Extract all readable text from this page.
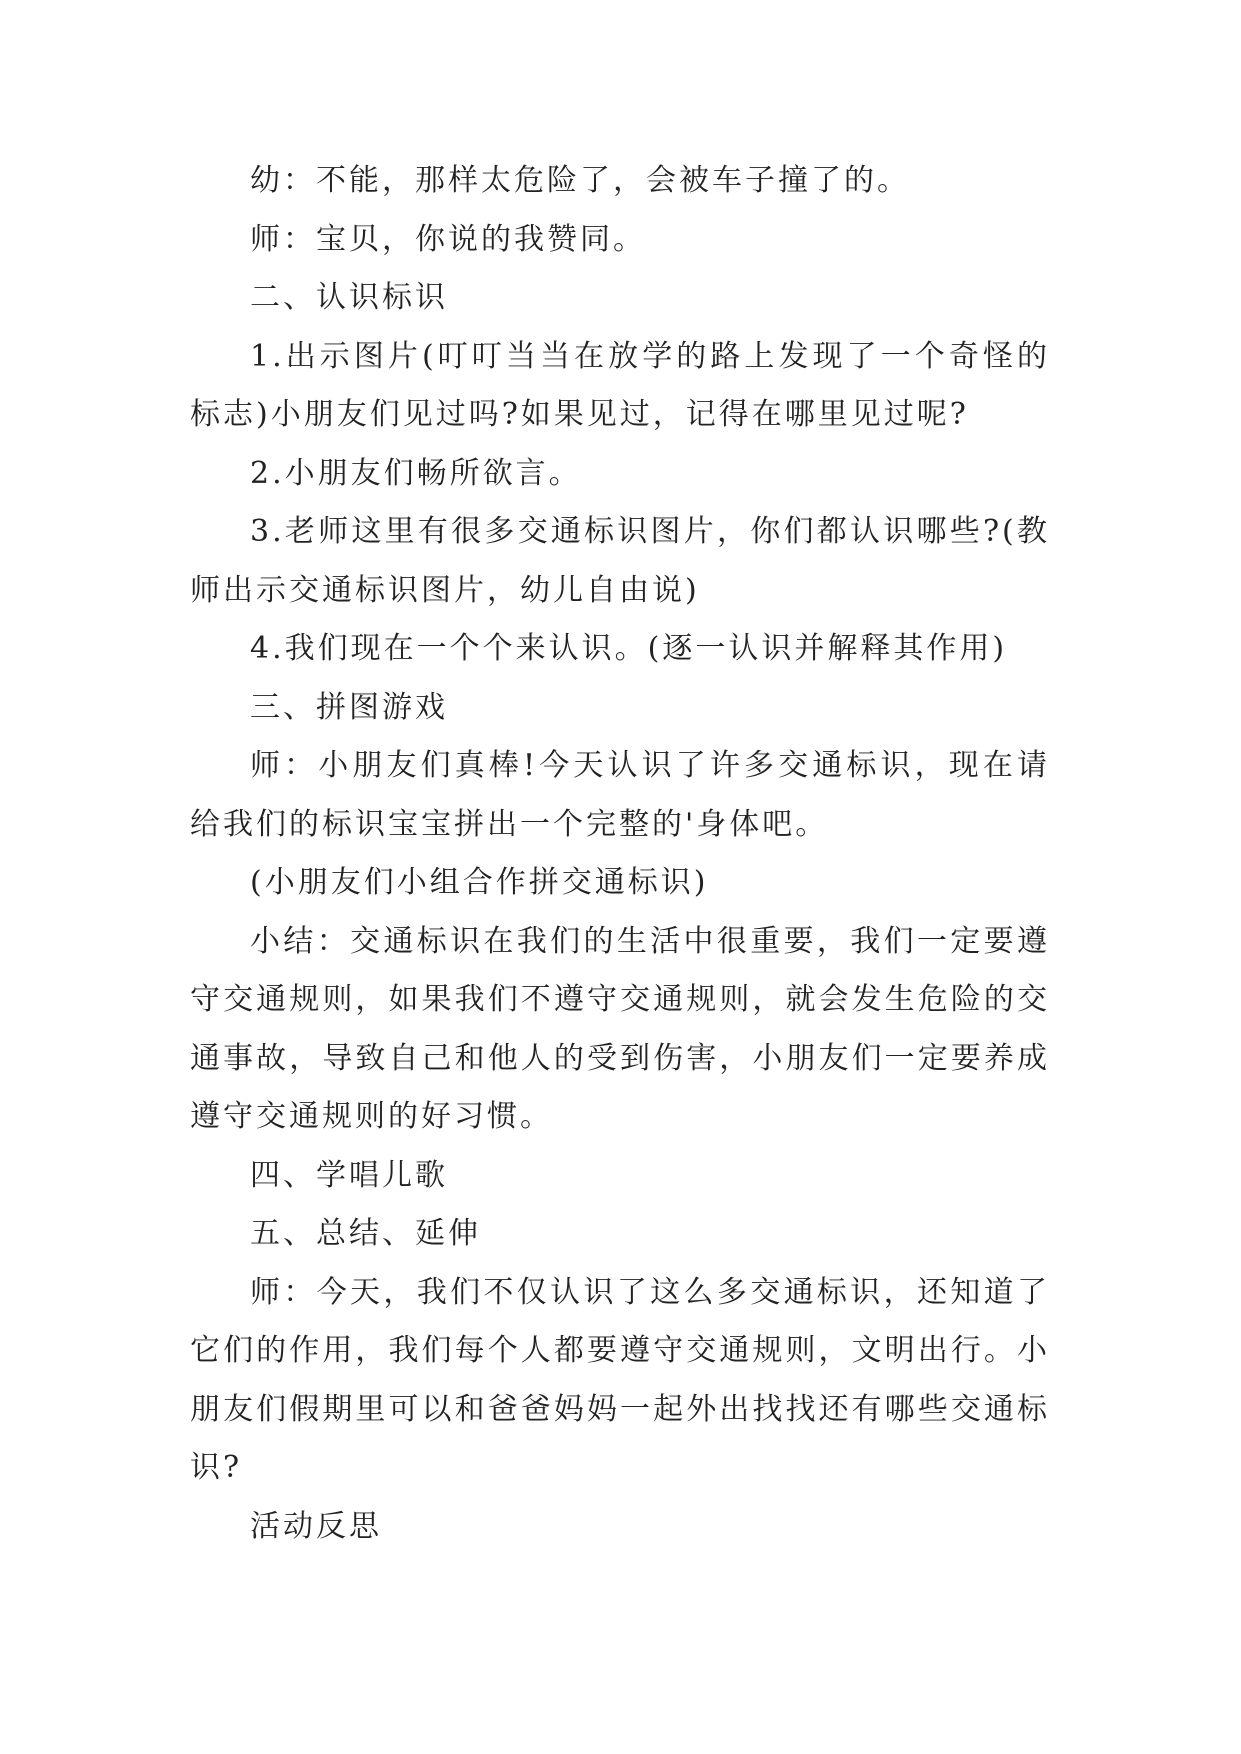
幼：不能，那样太危险了，会被车子撞了的。

师：宝贝，你说的我赞同。

二、认识标识

1.出示图片(叮叮当当在放学的路上发现了一个奇怪的标志)小朋友们见过吗?如果见过，记得在哪里见过呢?

2.小朋友们畅所欲言。

3.老师这里有很多交通标识图片，你们都认识哪些?(教师出示交通标识图片，幼儿自由说)

4.我们现在一个个来认识。(逐一认识并解释其作用)

三、拼图游戏

师：小朋友们真棒!今天认识了许多交通标识，现在请给我们的标识宝宝拼出一个完整的'身体吧。

(小朋友们小组合作拼交通标识)

小结：交通标识在我们的生活中很重要，我们一定要遵守交通规则，如果我们不遵守交通规则，就会发生危险的交通事故，导致自己和他人的受到伤害，小朋友们一定要养成遵守交通规则的好习惯。

四、学唱儿歌

五、总结、延伸

师：今天，我们不仅认识了这么多交通标识，还知道了它们的作用，我们每个人都要遵守交通规则，文明出行。小朋友们假期里可以和爸爸妈妈一起外出找找还有哪些交通标识?

活动反思
